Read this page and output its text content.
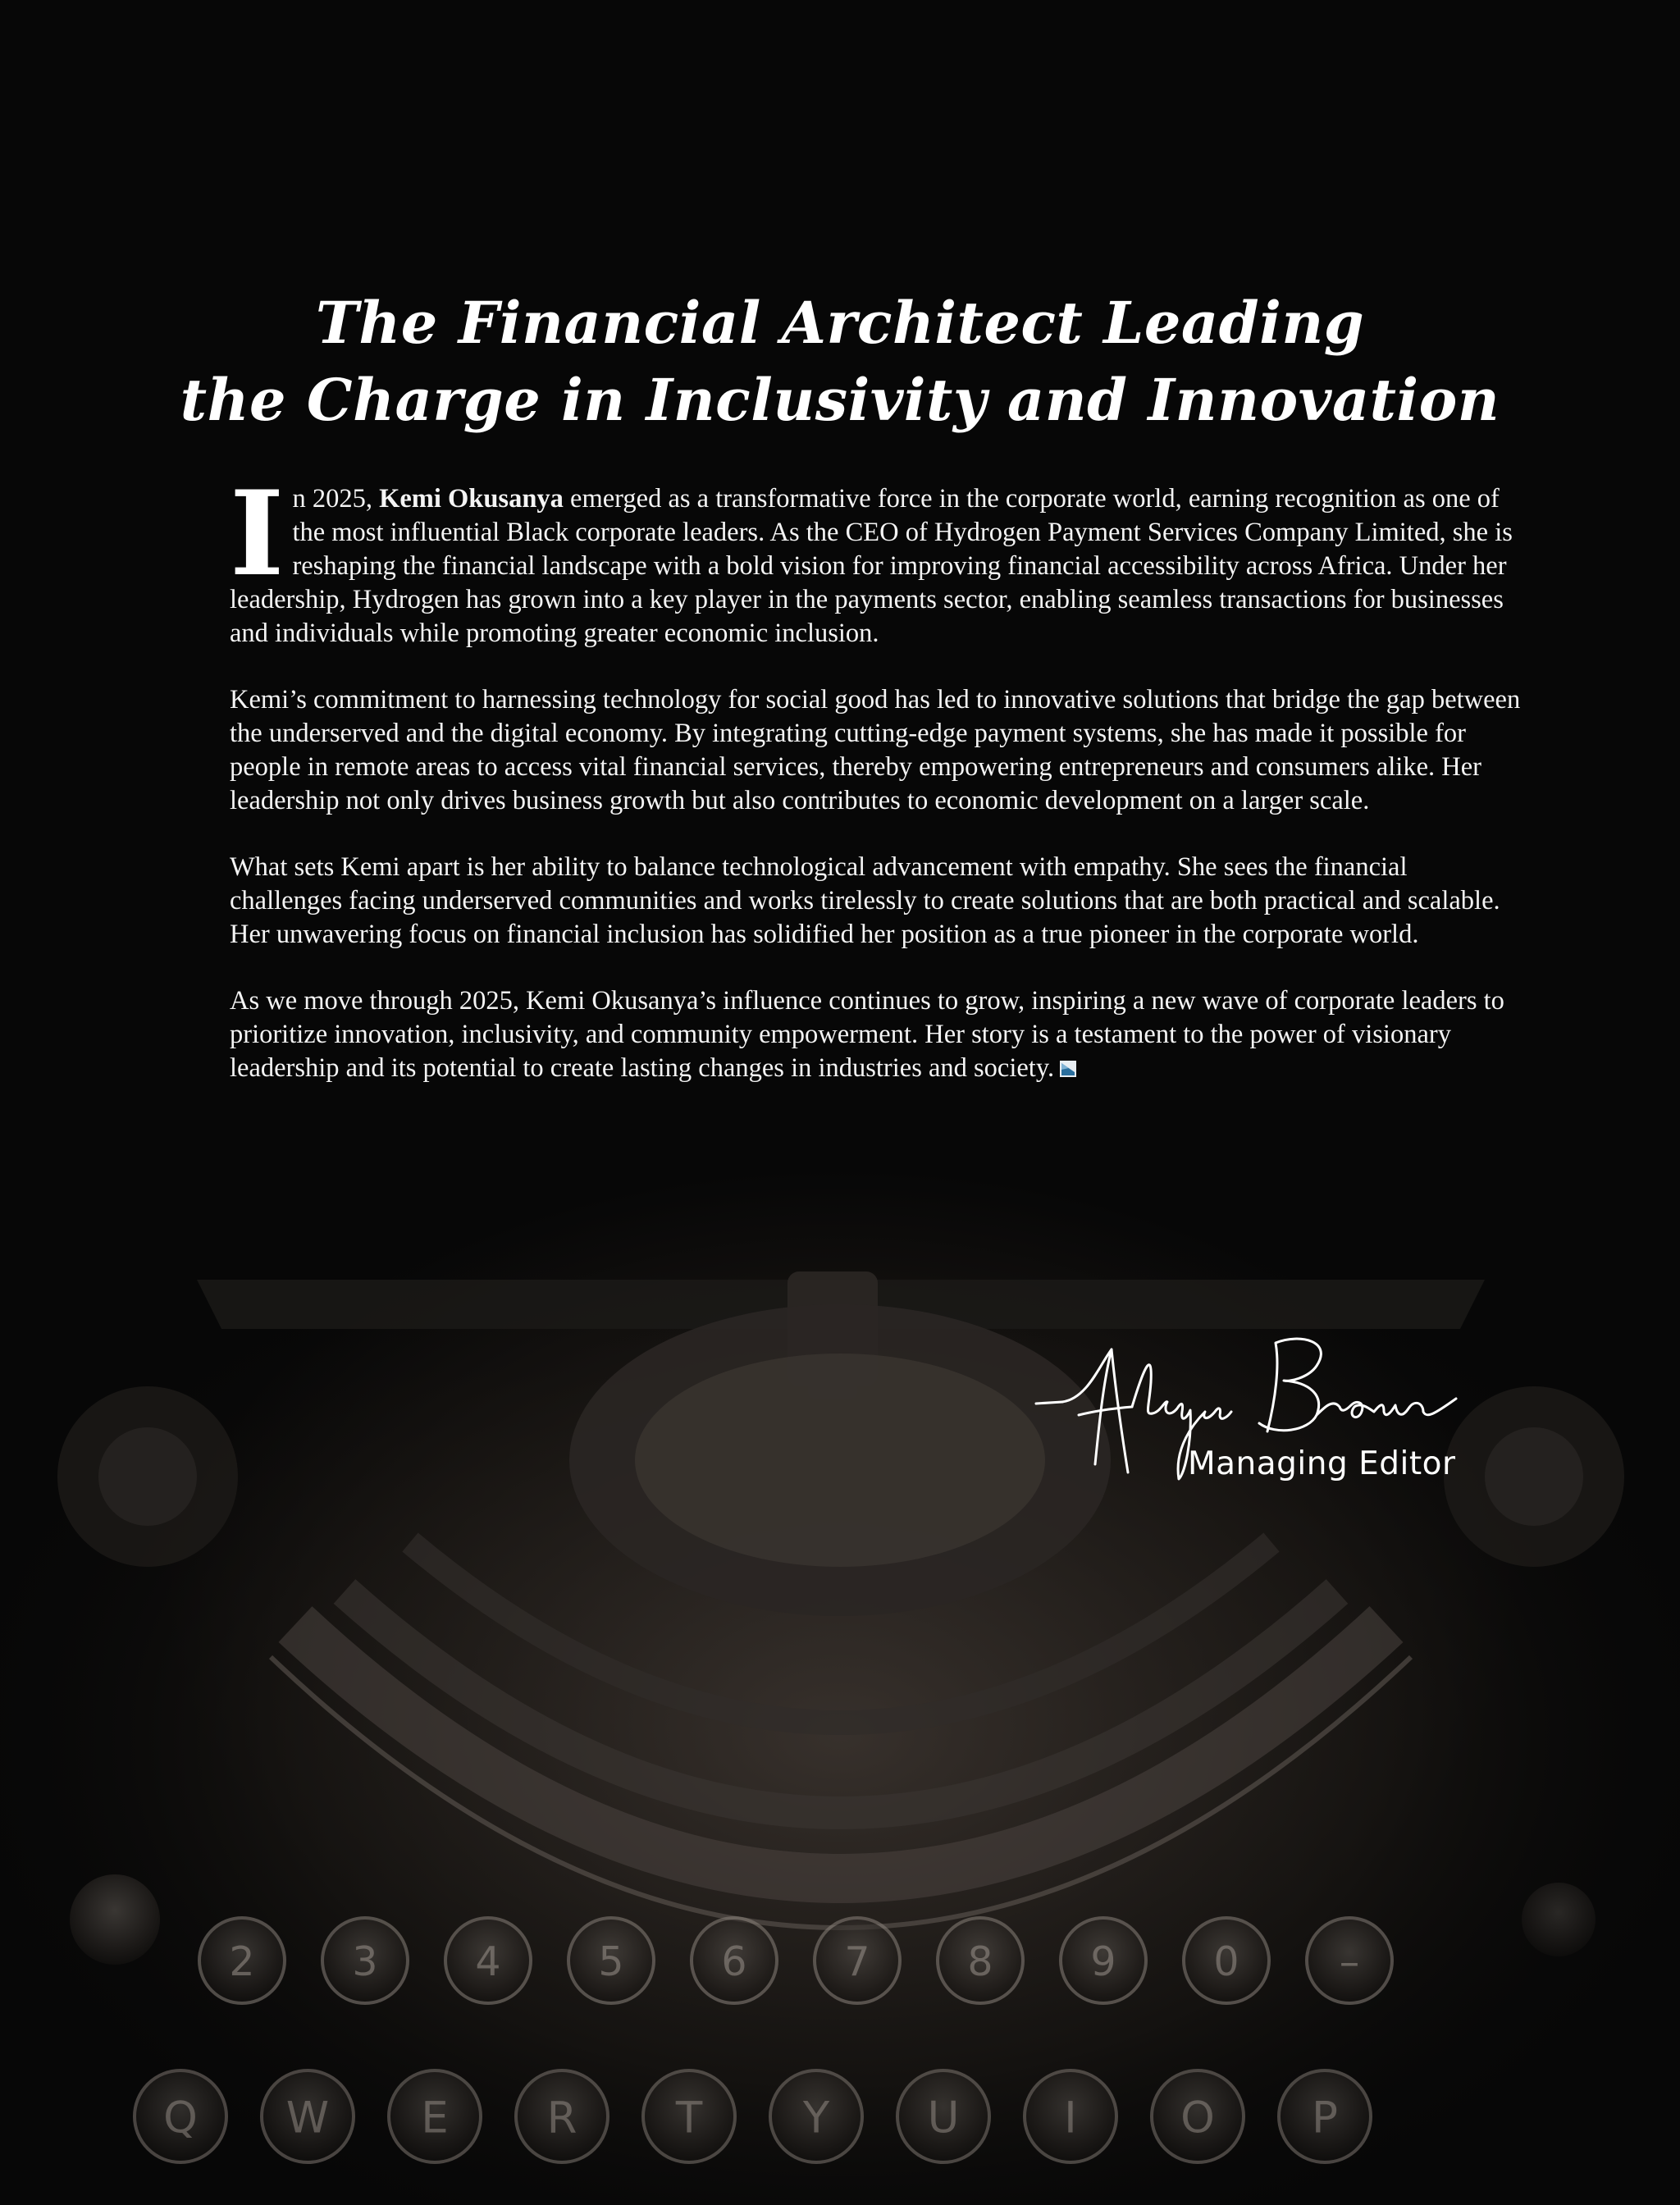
2 3 4 5 6 7 8 9 0 –
Q W E R T Y U I O P
The Financial Architect Leading
the Charge in Inclusivity and Innovation

In 2025, Kemi Okusanya emerged as a transformative force in the corporate world, earning recognition as one of the most influential Black corporate leaders. As the CEO of Hydrogen Payment Services Company Limited, she is reshaping the financial landscape with a bold vision for improving financial accessibility across Africa. Under her leadership, Hydrogen has grown into a key player in the payments sector, enabling seamless transactions for businesses and individuals while promoting greater economic inclusion.

Kemi’s commitment to harnessing technology for social good has led to innovative solutions that bridge the gap between the underserved and the digital economy. By integrating cutting-edge payment systems, she has made it possible for people in remote areas to access vital financial services, thereby empowering entrepreneurs and consumers alike. Her leadership not only drives business growth but also contributes to economic development on a larger scale.

What sets Kemi apart is her ability to balance technological advancement with empathy. She sees the financial challenges facing underserved communities and works tirelessly to create solutions that are both practical and scalable. Her unwavering focus on financial inclusion has solidified her position as a true pioneer in the corporate world.

As we move through 2025, Kemi Okusanya’s influence continues to grow, inspiring a new wave of corporate leaders to prioritize innovation, inclusivity, and community empowerment. Her story is a testament to the power of visionary leadership and its potential to create lasting changes in industries and society.

Managing Editor
